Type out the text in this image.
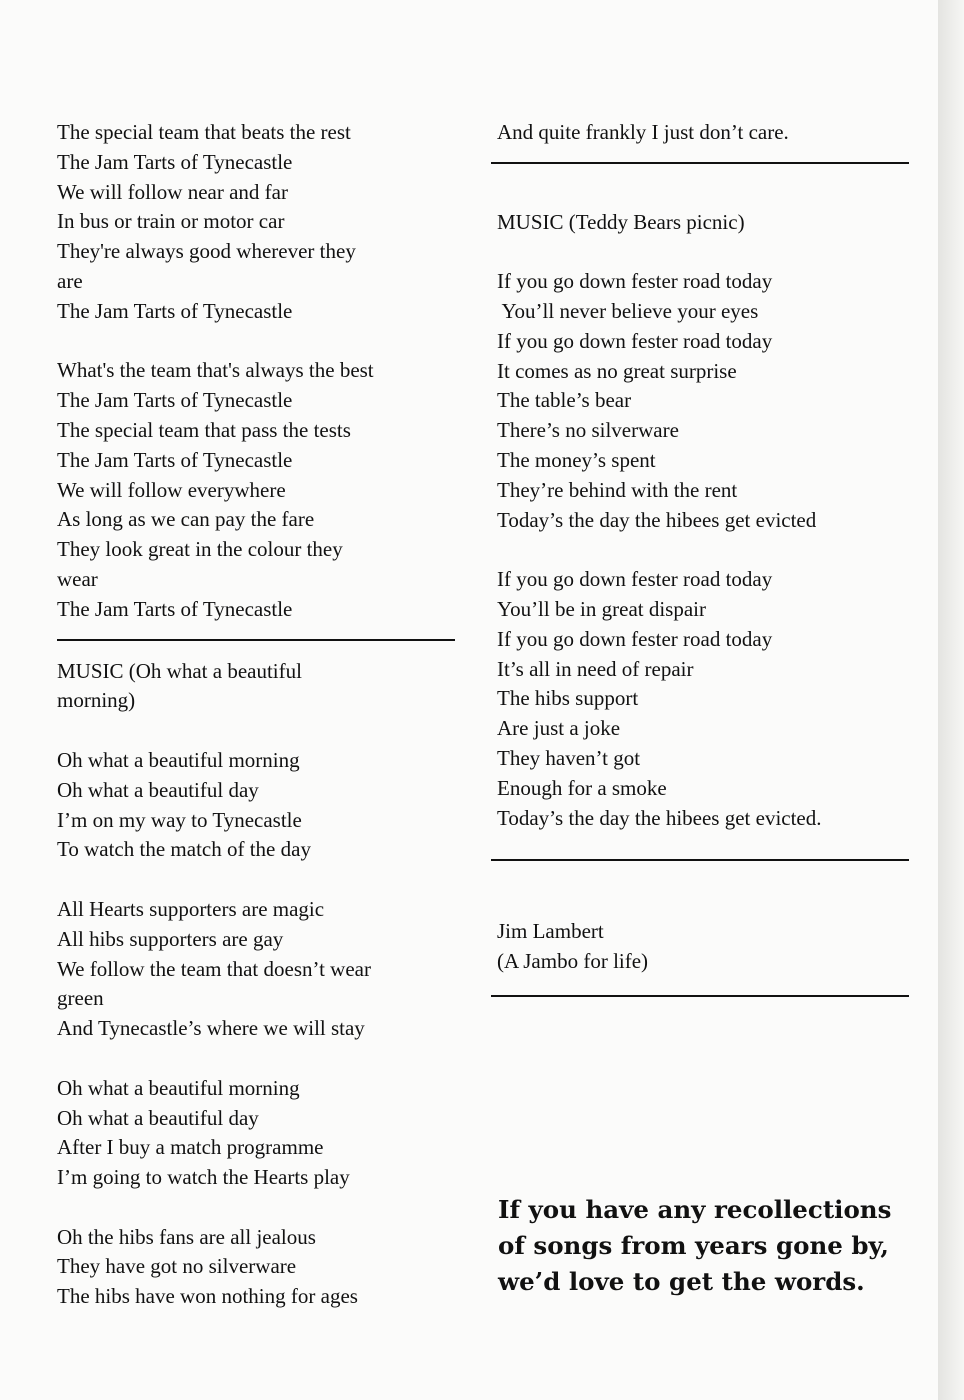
The special team that beats the rest
The Jam Tarts of Tynecastle
We will follow near and far
In bus or train or motor car
They're always good wherever they
are
The Jam Tarts of Tynecastle
What's the team that's always the best
The Jam Tarts of Tynecastle
The special team that pass the tests
The Jam Tarts of Tynecastle
We will follow everywhere
As long as we can pay the fare
They look great in the colour they
wear
The Jam Tarts of Tynecastle
MUSIC (Oh what a beautiful
morning)
Oh what a beautiful morning
Oh what a beautiful day
I’m on my way to Tynecastle
To watch the match of the day
All Hearts supporters are magic
All hibs supporters are gay
We follow the team that doesn’t wear
green
And Tynecastle’s where we will stay
Oh what a beautiful morning
Oh what a beautiful day
After I buy a match programme
I’m going to watch the Hearts play
Oh the hibs fans are all jealous
They have got no silverware
The hibs have won nothing for ages
And quite frankly I just don’t care.
MUSIC (Teddy Bears picnic)
If you go down fester road today
You’ll never believe your eyes
If you go down fester road today
It comes as no great surprise
The table’s bear
There’s no silverware
The money’s spent
They’re behind with the rent
Today’s the day the hibees get evicted
If you go down fester road today
You’ll be in great dispair
If you go down fester road today
It’s all in need of repair
The hibs support
Are just a joke
They haven’t got
Enough for a smoke
Today’s the day the hibees get evicted.
Jim Lambert
(A Jambo for life)
If you have any recollections
of songs from years gone by,
we’d love to get the words.
